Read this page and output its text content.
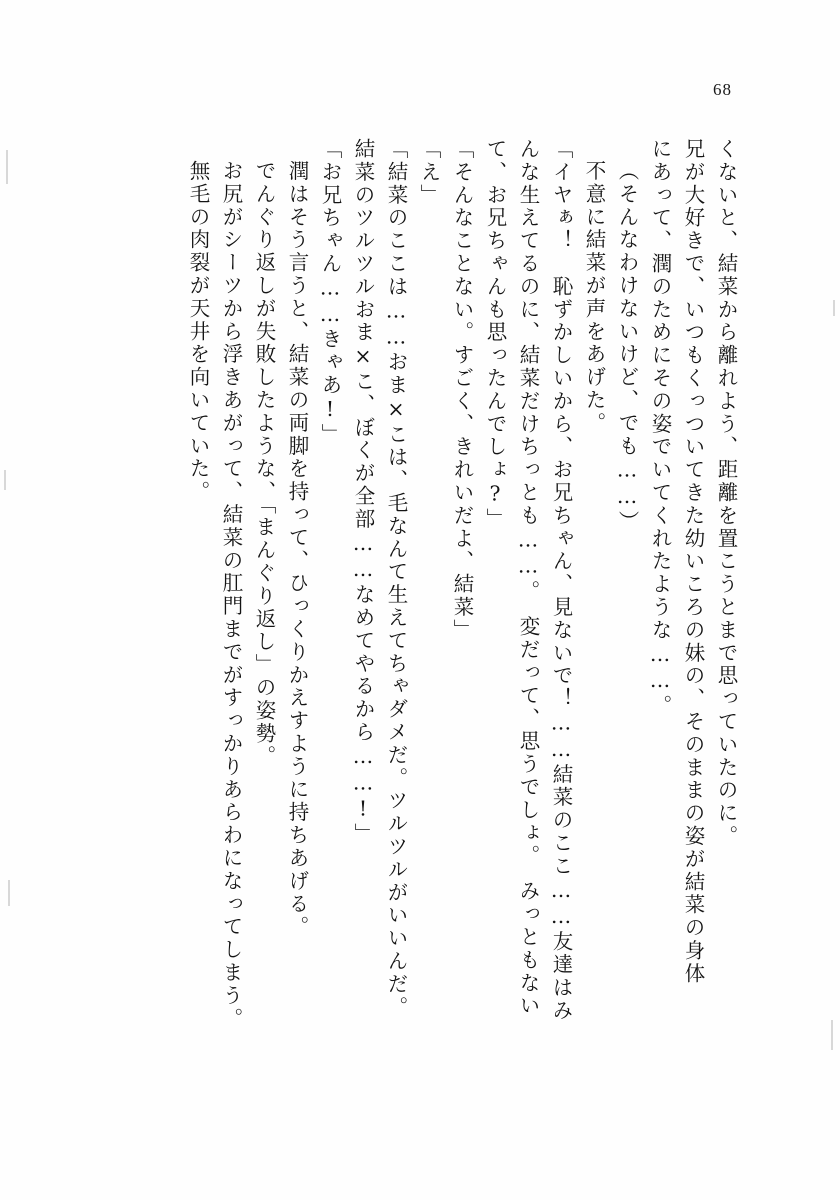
68
くないと、結菜から離れよう、距離を置こうとまで思っていたのに。
兄が大好きで、いつもくっついてきた幼いころの妹の、そのままの姿が結菜の身体
にあって、潤のためにその姿でいてくれたような……。
（そんなわけないけど、でも……）
不意に結菜が声をあげた。
「イヤぁ！　恥ずかしいから、お兄ちゃん、見ないで！……結菜のここ……友達はみ
んな生えてるのに、結菜だけちっとも……。　変だって、思うでしょ。　みっともない
て、お兄ちゃんも思ったんでしょ?」
「そんなことない。すごく、きれいだよ、結菜」
「え」
「結菜のここは……おま×こは、毛なんて生えてちゃダメだ。ツルツルがいいんだ。
結菜のツルツルおま×こ、ぼくが全部……なめてやるから……!」
「お兄ちゃん……きゃあ!」
潤はそう言うと、結菜の両脚を持って、ひっくりかえすように持ちあげる。
でんぐり返しが失敗したような、「まんぐり返し」の姿勢。
お尻がシーツから浮きあがって、結菜の肛門までがすっかりあらわになってしまう。
無毛の肉裂が天井を向いていた。
